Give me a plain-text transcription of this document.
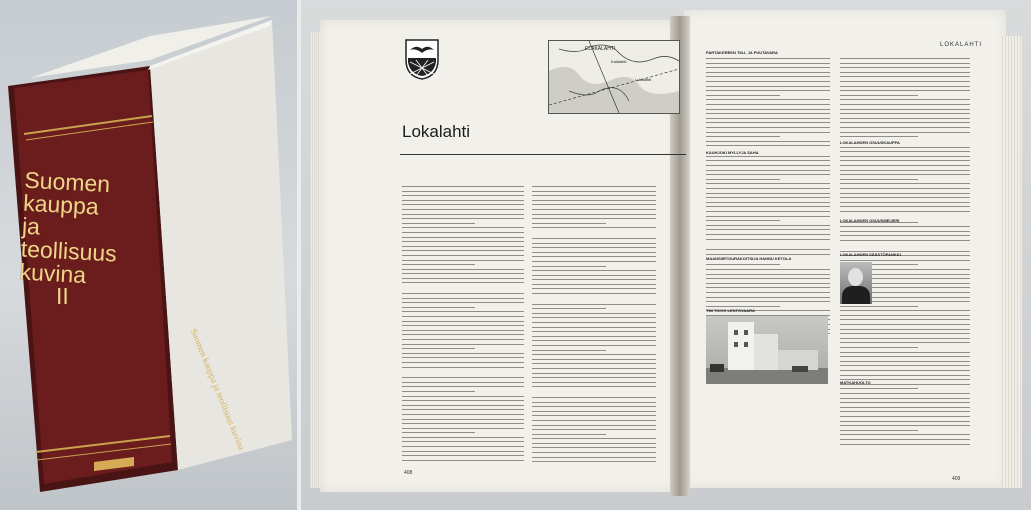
Suomen
kauppa
ja
teollisuus
kuvina
II
Suomen kauppa ja teollisuus kuvina
ELAKALAHTI
Kalalahti
Lokalahti
Lokalahti
LOKALAHTI
PARTAKEREEN TIILI- JA PUUTAVARA
KAUHJOKI MYLLYJA SAHA
MAANSIIRTOURAKOITSIJA HANNU KETOLA
TMI TOIVO LENTOVAARA
LOKALAHDEN OSUUSKAUPPA
LOKALAHDEN OSUUSMEIJERI
LOKALAHDEN SÄÄSTÖPANKKI
MATKAHUOLTO
408
409
